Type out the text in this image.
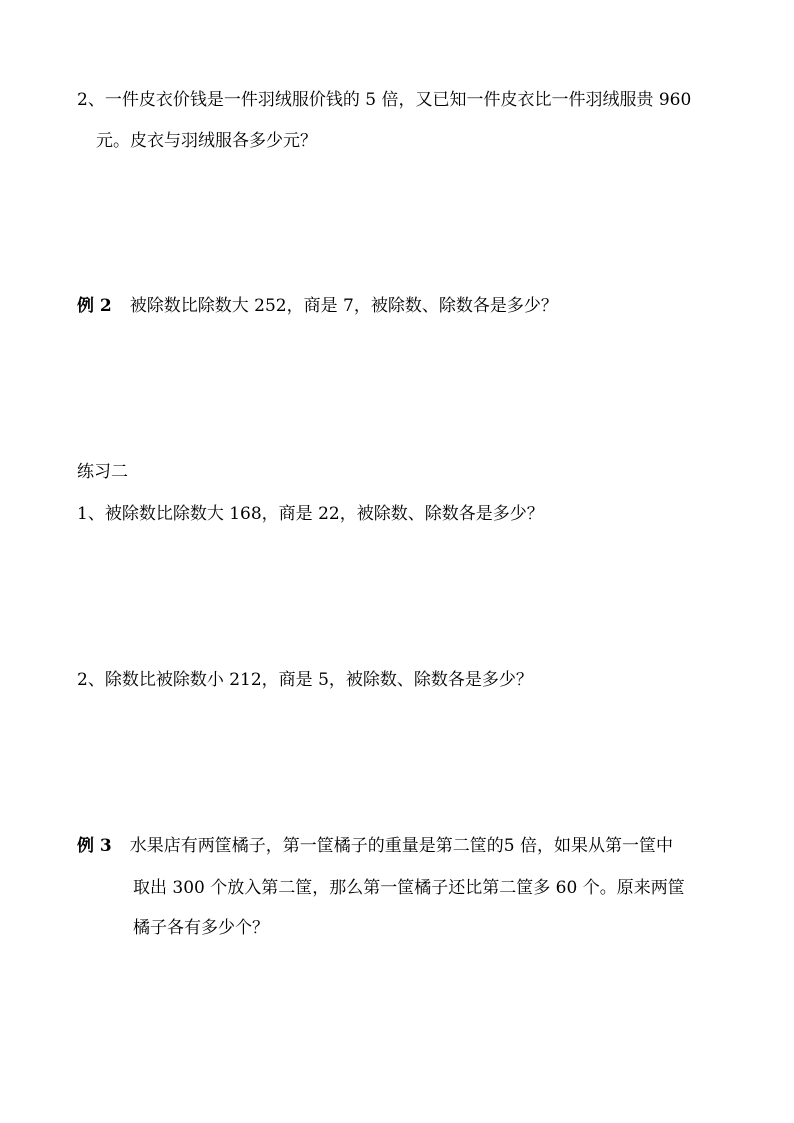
2、一件皮衣价钱是一件羽绒服价钱的 5 倍，又已知一件皮衣比一件羽绒服贵 960
元。皮衣与羽绒服各多少元？
例 2 被除数比除数大 252，商是 7，被除数、除数各是多少？
练习二
1、被除数比除数大 168，商是 22，被除数、除数各是多少？
2、除数比被除数小 212，商是 5，被除数、除数各是多少？
例 3 水果店有两筐橘子，第一筐橘子的重量是第二筐的5 倍，如果从第一筐中
取出 300 个放入第二筐，那么第一筐橘子还比第二筐多 60 个。原来两筐
橘子各有多少个？
